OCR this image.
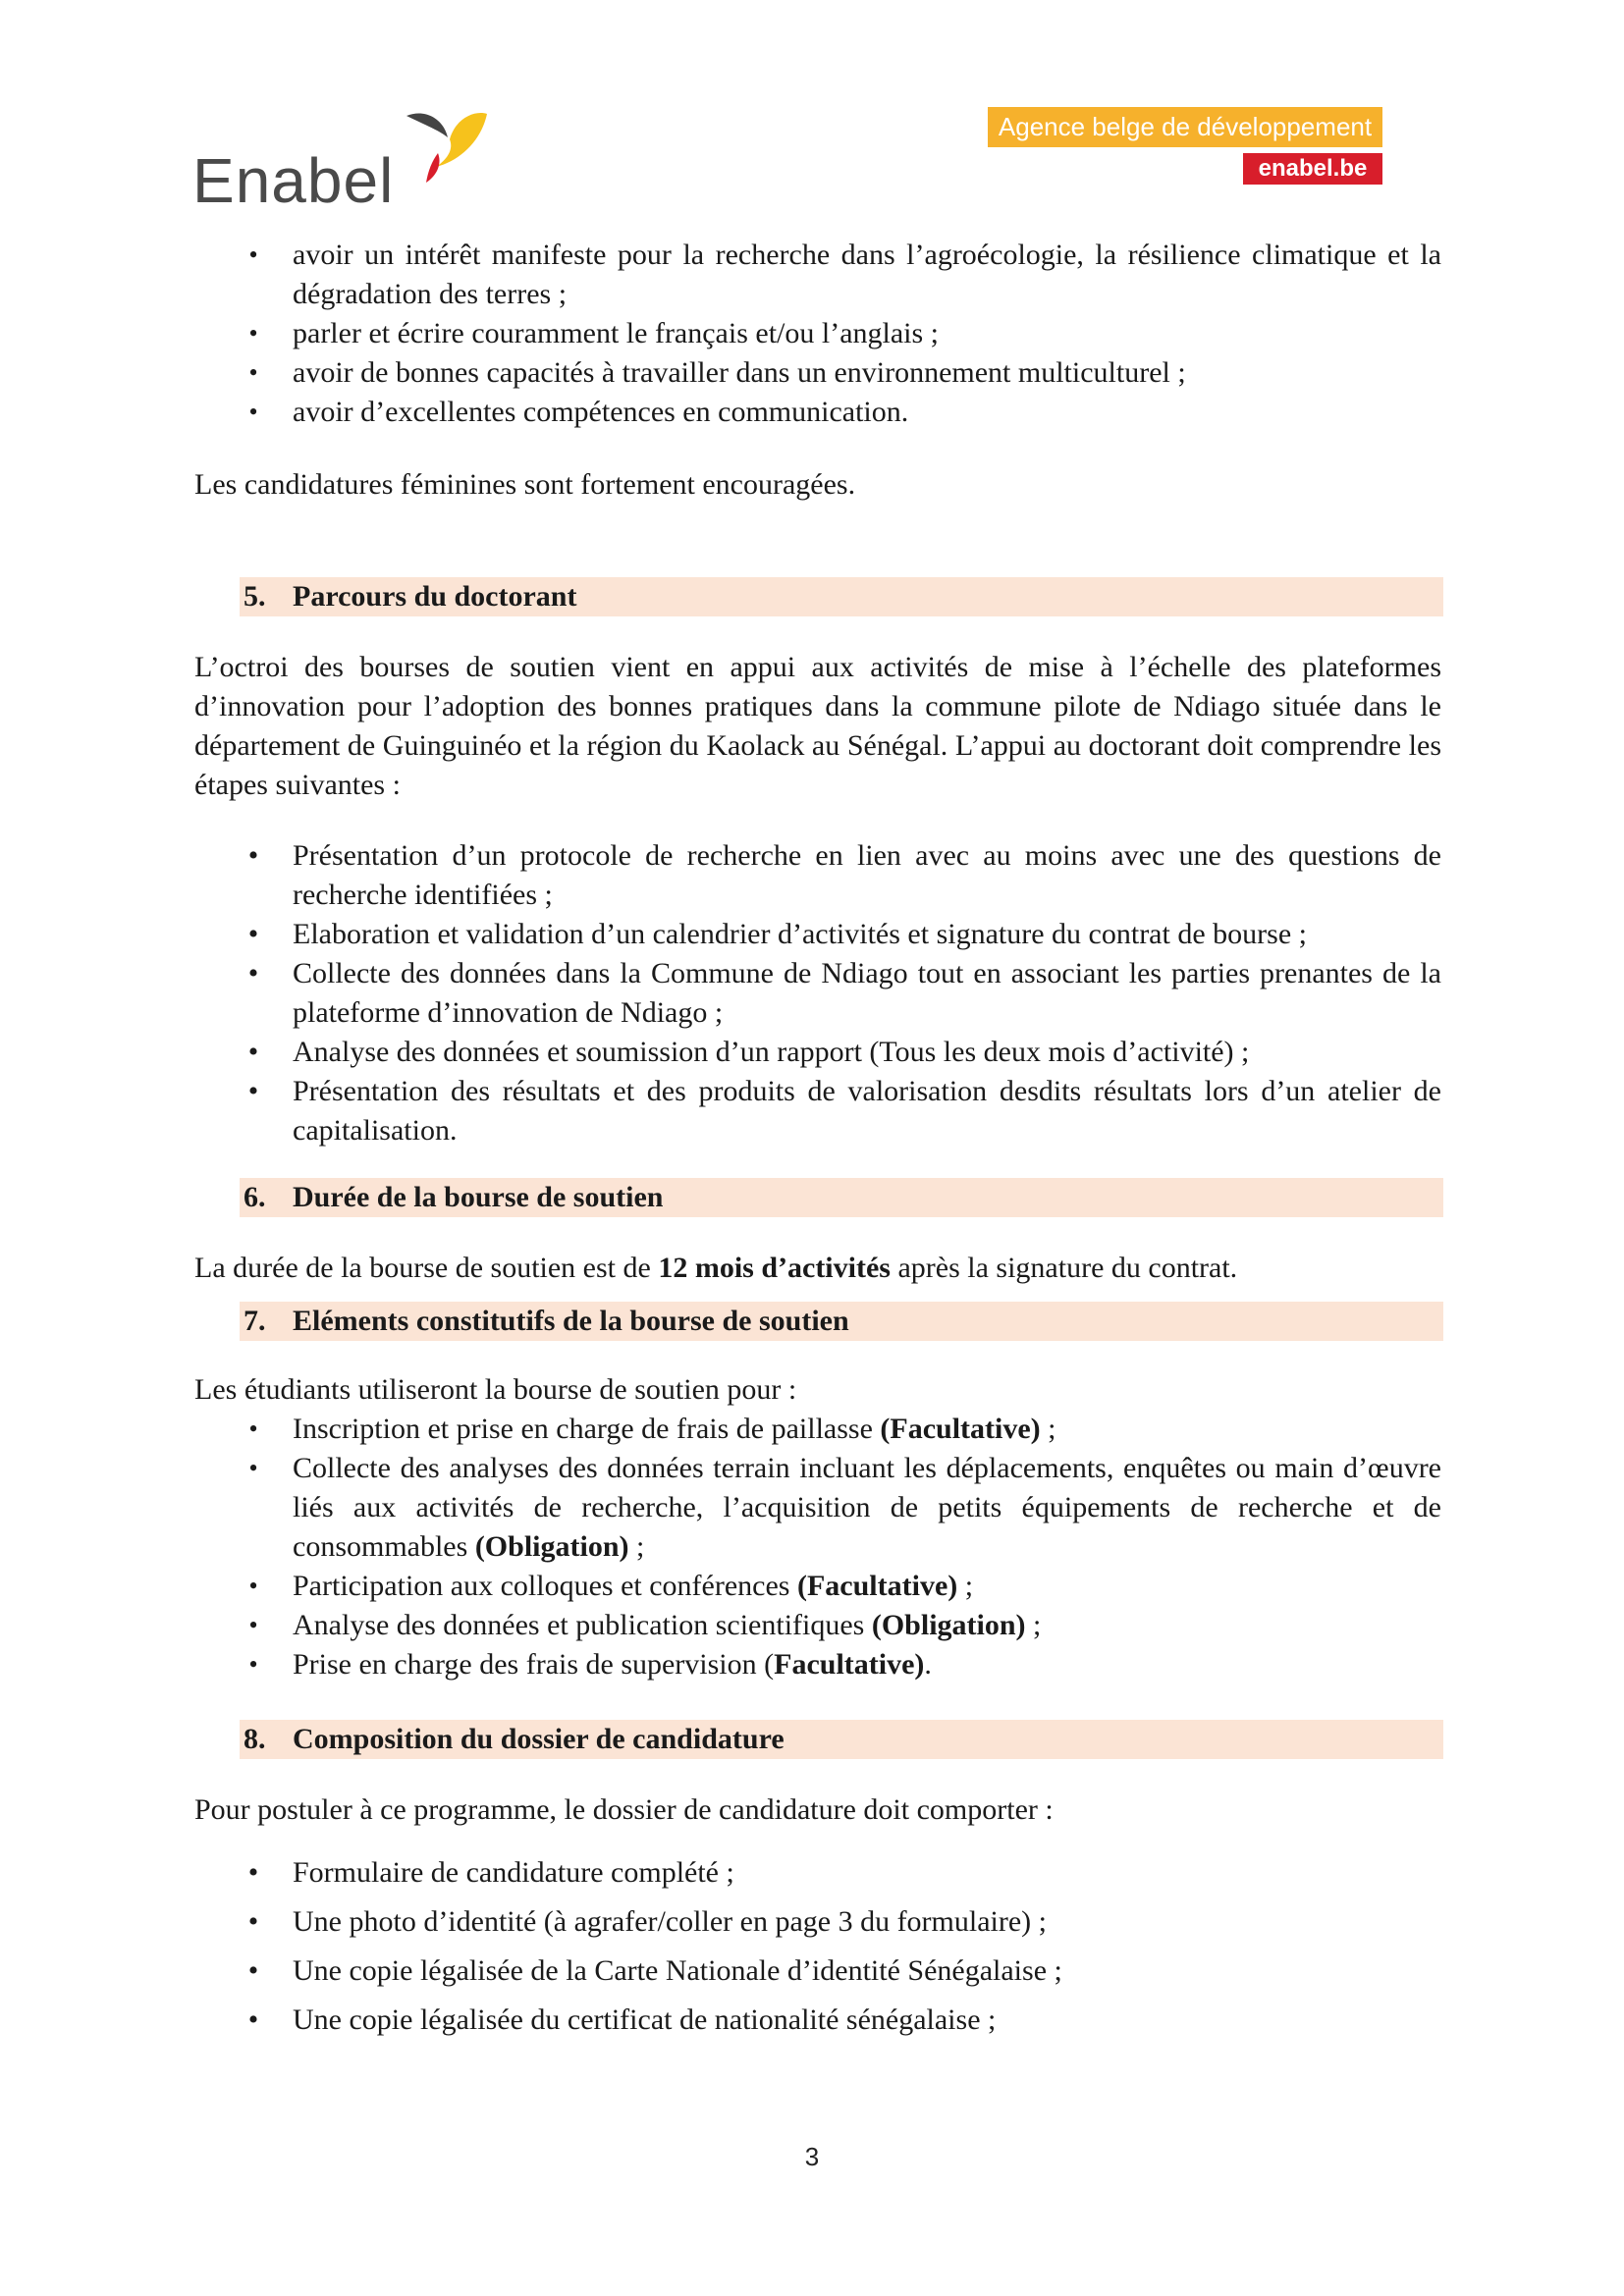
Enabel
Agence belge de développement
enabel.be
• avoir un intérêt manifeste pour la recherche dans l’agroécologie, la résilience climatique et la dégradation des terres ;
• parler et écrire couramment le français et/ou l’anglais ;
• avoir de bonnes capacités à travailler dans un environnement multiculturel ;
• avoir d’excellentes compétences en communication.

Les candidatures féminines sont fortement encouragées.

5. Parcours du doctorant

L’octroi des bourses de soutien vient en appui aux activités de mise à l’échelle des plateformes d’innovation pour l’adoption des bonnes pratiques dans la commune pilote de Ndiago située dans le département de Guinguinéo et la région du Kaolack au Sénégal. L’appui au doctorant doit comprendre les étapes suivantes :

• Présentation d’un protocole de recherche en lien avec au moins avec une des questions de recherche identifiées ;
• Elaboration et validation d’un calendrier d’activités et signature du contrat de bourse ;
• Collecte des données dans la Commune de Ndiago tout en associant les parties prenantes de la plateforme d’innovation de Ndiago ;
• Analyse des données et soumission d’un rapport (Tous les deux mois d’activité) ;
• Présentation des résultats et des produits de valorisation desdits résultats lors d’un atelier de capitalisation.
6. Durée de la bourse de soutien

La durée de la bourse de soutien est de 12 mois d’activités après la signature du contrat.

7. Eléments constitutifs de la bourse de soutien

Les étudiants utiliseront la bourse de soutien pour :

• Inscription et prise en charge de frais de paillasse (Facultative) ;
• Collecte des analyses des données terrain incluant les déplacements, enquêtes ou main d’œuvre liés aux activités de recherche, l’acquisition de petits équipements de recherche et de consommables (Obligation) ;
• Participation aux colloques et conférences (Facultative) ;
• Analyse des données et publication scientifiques (Obligation) ;
• Prise en charge des frais de supervision (Facultative).
8. Composition du dossier de candidature

Pour postuler à ce programme, le dossier de candidature doit comporter :

• Formulaire de candidature complété ;
• Une photo d’identité (à agrafer/coller en page 3 du formulaire) ;
• Une copie légalisée de la Carte Nationale d’identité Sénégalaise ;
• Une copie légalisée du certificat de nationalité sénégalaise ;
3
